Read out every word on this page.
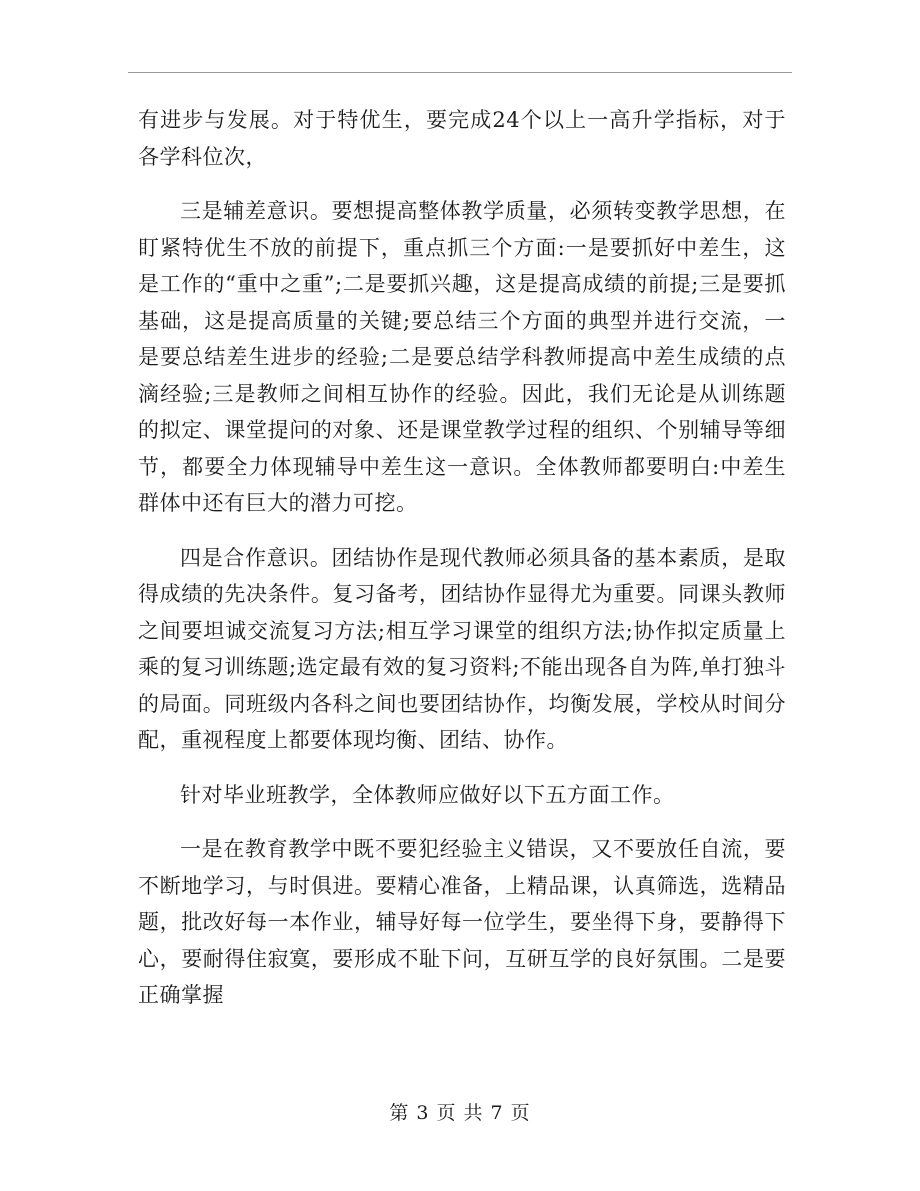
有进步与发展。对于特优生，要完成24个以上一高升学指标，对于各学科位次，

三是辅差意识。要想提高整体教学质量，必须转变教学思想，在盯紧特优生不放的前提下，重点抓三个方面:一是要抓好中差生，这是工作的“重中之重”;二是要抓兴趣，这是提高成绩的前提;三是要抓基础，这是提高质量的关键;要总结三个方面的典型并进行交流，一是要总结差生进步的经验;二是要总结学科教师提高中差生成绩的点滴经验;三是教师之间相互协作的经验。因此，我们无论是从训练题的拟定、课堂提问的对象、还是课堂教学过程的组织、个别辅导等细节，都要全力体现辅导中差生这一意识。全体教师都要明白:中差生群体中还有巨大的潜力可挖。

四是合作意识。团结协作是现代教师必须具备的基本素质，是取得成绩的先决条件。复习备考，团结协作显得尤为重要。同课头教师之间要坦诚交流复习方法;相互学习课堂的组织方法;协作拟定质量上乘的复习训练题;选定最有效的复习资料;不能出现各自为阵,单打独斗的局面。同班级内各科之间也要团结协作，均衡发展，学校从时间分配，重视程度上都要体现均衡、团结、协作。

针对毕业班教学，全体教师应做好以下五方面工作。

一是在教育教学中既不要犯经验主义错误，又不要放任自流，要不断地学习，与时俱进。要精心准备，上精品课，认真筛选，选精品题，批改好每一本作业，辅导好每一位学生，要坐得下身，要静得下心，要耐得住寂寞，要形成不耻下问，互研互学的良好氛围。二是要正确掌握

第 3 页 共 7 页
